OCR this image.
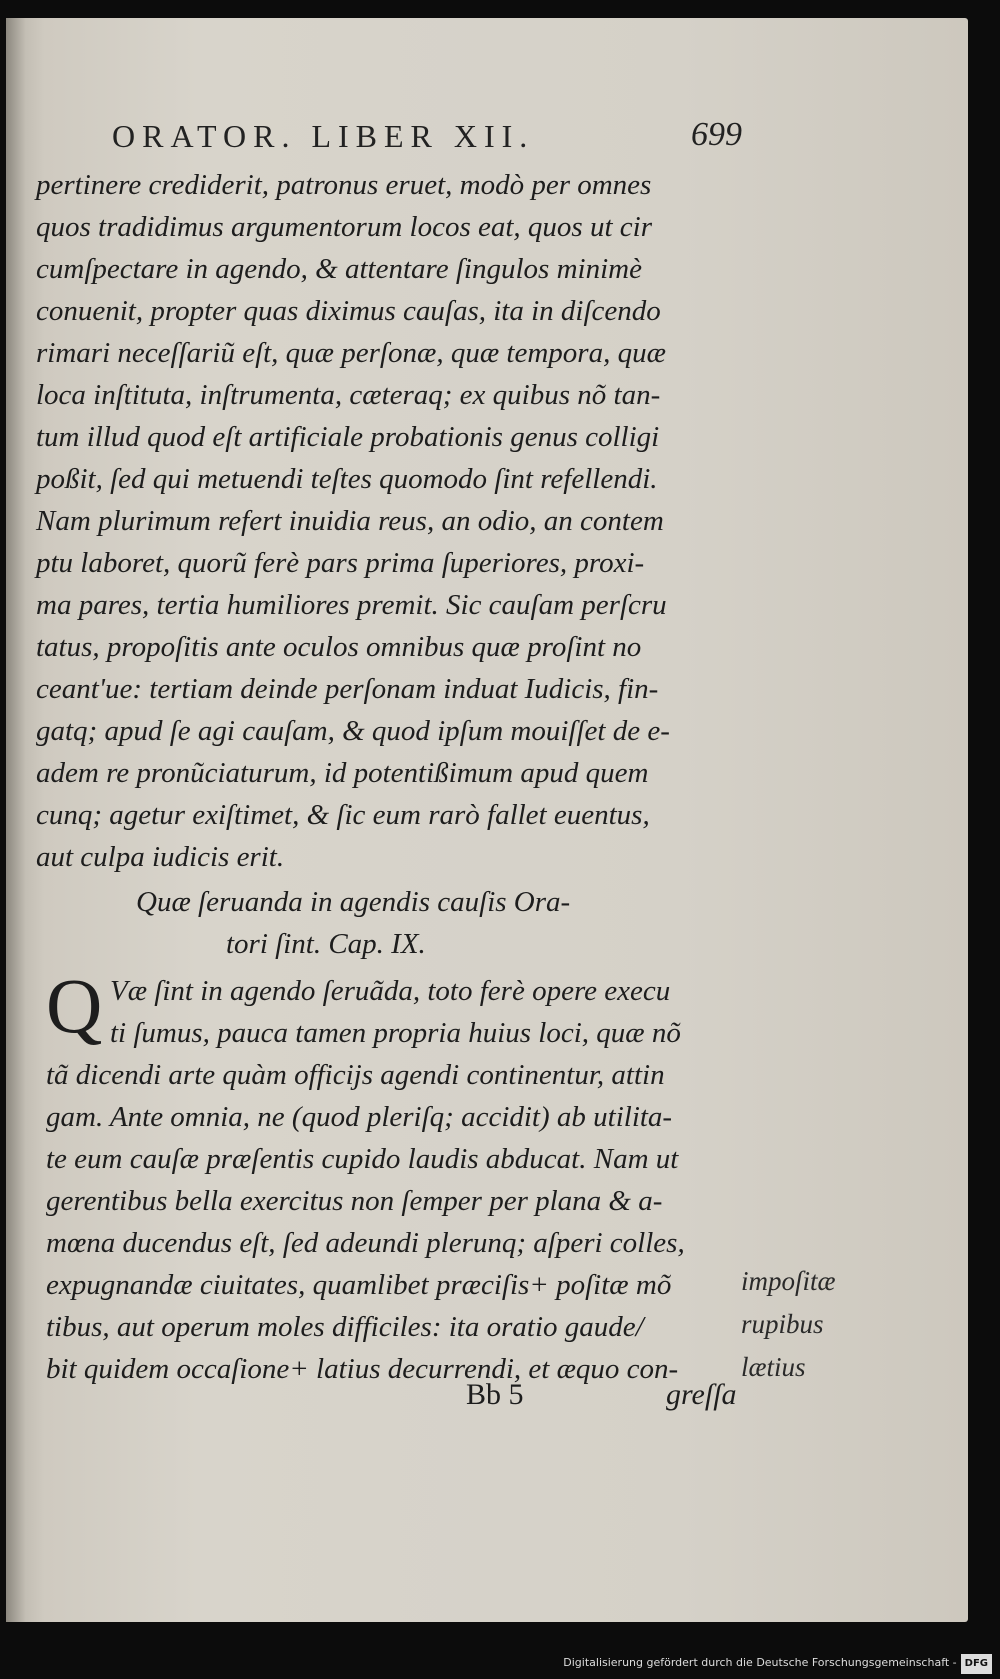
ORATOR. LIBER XII.	699
pertinere crediderit, patronus eruet, modò per omnes
quos tradidimus argumentorum locos eat, quos ut cir
cumſpectare in agendo, & attentare ſingulos minimè
conuenit, propter quas diximus cauſas, ita in diſcendo
rimari neceſſariũ eſt, quæ perſonæ, quæ tempora, quæ
loca inſtituta, inſtrumenta, cæteraq; ex quibus nõ tan-
tum illud quod eſt artificiale probationis genus colligi
poßit, ſed qui metuendi teſtes quomodo ſint refellendi.
Nam plurimum refert inuidia reus, an odio, an contem
ptu laboret, quorũ ferè pars prima ſuperiores, proxi-
ma pares, tertia humiliores premit. Sic cauſam perſcru
tatus, propoſitis ante oculos omnibus quæ proſint no
ceant'ue: tertiam deinde perſonam induat Iudicis, fin-
gatq; apud ſe agi cauſam, & quod ipſum mouiſſet de e-
adem re pronũciaturum, id potentißimum apud quem
cunq; agetur exiſtimet, & ſic eum rarò fallet euentus,
aut culpa iudicis erit.
Quæ ſeruanda in agendis cauſis Ora-
tori ſint. Cap. IX.
Q Væ ſint in agendo ſeruãda, toto ferè opere execu
ti ſumus, pauca tamen propria huius loci, quæ nõ
tã dicendi arte quàm officijs agendi continentur, attin
gam. Ante omnia, ne (quod pleriſq; accidit) ab utilita-
te eum cauſæ præſentis cupido laudis abducat. Nam ut
gerentibus bella exercitus non ſemper per plana & a-
mœna ducendus eſt, ſed adeundi plerunq; aſperi colles,
expugnandæ ciuitates, quamlibet præciſis+ poſitæ mõ
tibus, aut operum moles difficiles: ita oratio gaude/
bit quidem occaſione+ latius decurrendi, et æquo con-
impoſitæ
rupibus
lætius
Bb 5	greſſa
Digitalisierung gefördert durch die Deutsche Forschungsgemeinschaft - DFG
